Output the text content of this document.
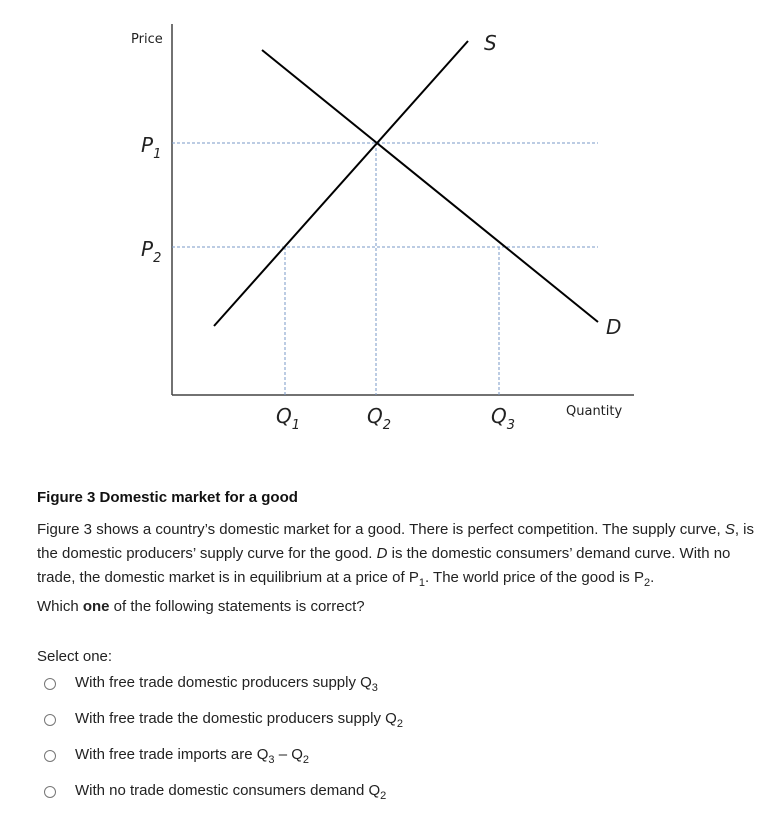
Price
Quantity
S
D
$P_1$
$P_2$
$Q_1$	$Q_2$	$Q_3$
Figure 3 Domestic market for a good
Figure 3 shows a country’s domestic market for a good. There is perfect competition. The supply curve, S, is the domestic producers’ supply curve for the good. D is the domestic consumers’ demand curve. With no trade, the domestic market is in equilibrium at a price of $P_1$. The world price of the good is $P_2$.
Which one of the following statements is correct?
Select one:
With free trade domestic producers supply $Q_3$
With free trade the domestic producers supply $Q_2$
With free trade imports are $Q_3 - Q_2$
With no trade domestic consumers demand $Q_2$
